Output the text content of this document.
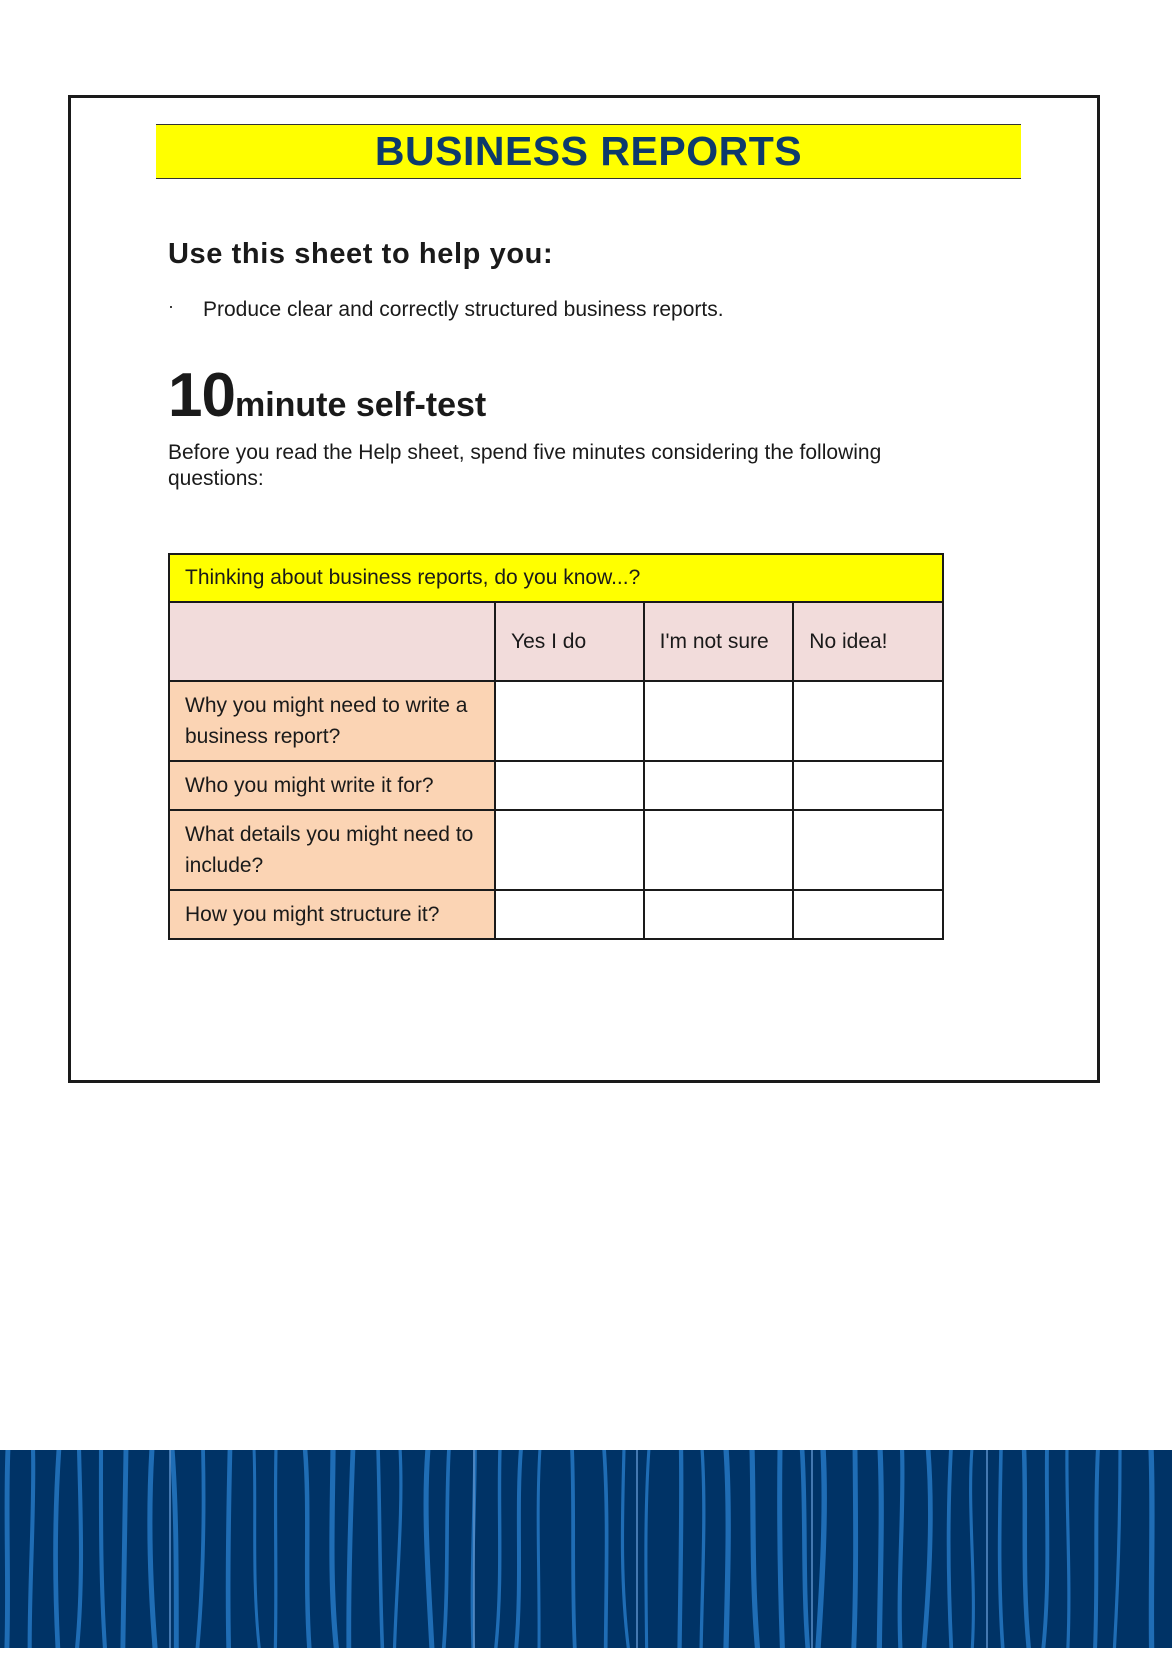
BUSINESS REPORTS
Use this sheet to help you:
· Produce clear and correctly structured business reports.
10minute self-test
Before you read the Help sheet, spend five minutes considering the following questions:
Thinking about business reports, do you know...?			
	Yes I do	I'm not sure	No idea!
Why you might need to write a business report?			
Who you might write it for?			
What details you might need to include?			
How you might structure it?			
